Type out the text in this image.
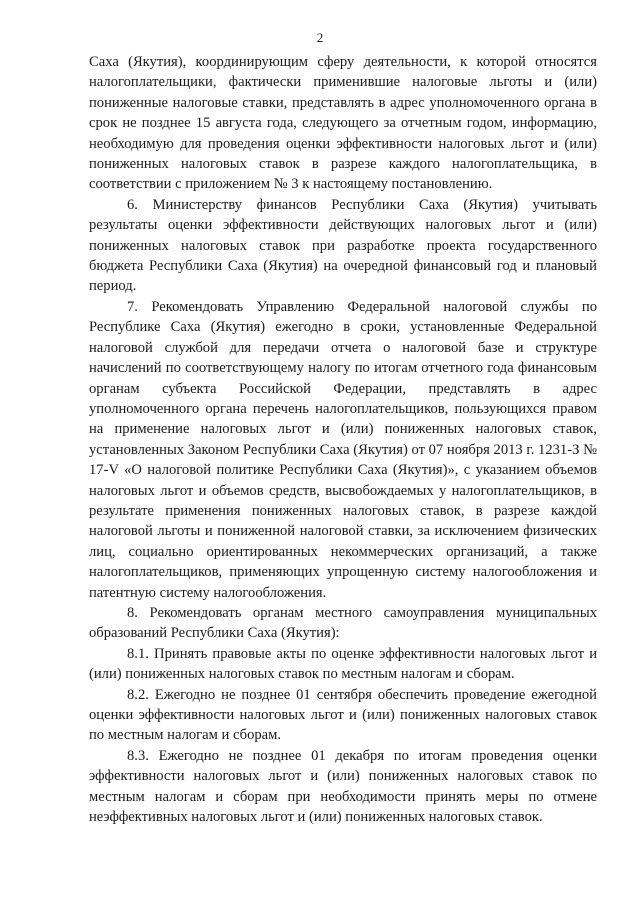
2

Саха (Якутия), координирующим сферу деятельности, к которой относятся налогоплательщики, фактически применившие налоговые льготы и (или) пониженные налоговые ставки, представлять в адрес уполномоченного органа в срок не позднее 15 августа года, следующего за отчетным годом, информацию, необходимую для проведения оценки эффективности налоговых льгот и (или) пониженных налоговых ставок в разрезе каждого налогоплательщика, в соответствии с приложением № 3 к настоящему постановлению.

6. Министерству финансов Республики Саха (Якутия) учитывать результаты оценки эффективности действующих налоговых льгот и (или) пониженных налоговых ставок при разработке проекта государственного бюджета Республики Саха (Якутия) на очередной финансовый год и плановый период.

7. Рекомендовать Управлению Федеральной налоговой службы по Республике Саха (Якутия) ежегодно в сроки, установленные Федеральной налоговой службой для передачи отчета о налоговой базе и структуре начислений по соответствующему налогу по итогам отчетного года финансовым органам субъекта Российской Федерации, представлять в адрес уполномоченного органа перечень налогоплательщиков, пользующихся правом на применение налоговых льгот и (или) пониженных налоговых ставок, установленных Законом Республики Саха (Якутия) от 07 ноября 2013 г. 1231-З № 17-V «О налоговой политике Республики Саха (Якутия)», с указанием объемов налоговых льгот и объемов средств, высвобождаемых у налогоплательщиков, в результате применения пониженных налоговых ставок, в разрезе каждой налоговой льготы и пониженной налоговой ставки, за исключением физических лиц, социально ориентированных некоммерческих организаций, а также налогоплательщиков, применяющих упрощенную систему налогообложения и патентную систему налогообложения.

8. Рекомендовать органам местного самоуправления муниципальных образований Республики Саха (Якутия):

8.1. Принять правовые акты по оценке эффективности налоговых льгот и (или) пониженных налоговых ставок по местным налогам и сборам.

8.2. Ежегодно не позднее 01 сентября обеспечить проведение ежегодной оценки эффективности налоговых льгот и (или) пониженных налоговых ставок по местным налогам и сборам.

8.3. Ежегодно не позднее 01 декабря по итогам проведения оценки эффективности налоговых льгот и (или) пониженных налоговых ставок по местным налогам и сборам при необходимости принять меры по отмене неэффективных налоговых льгот и (или) пониженных налоговых ставок.
